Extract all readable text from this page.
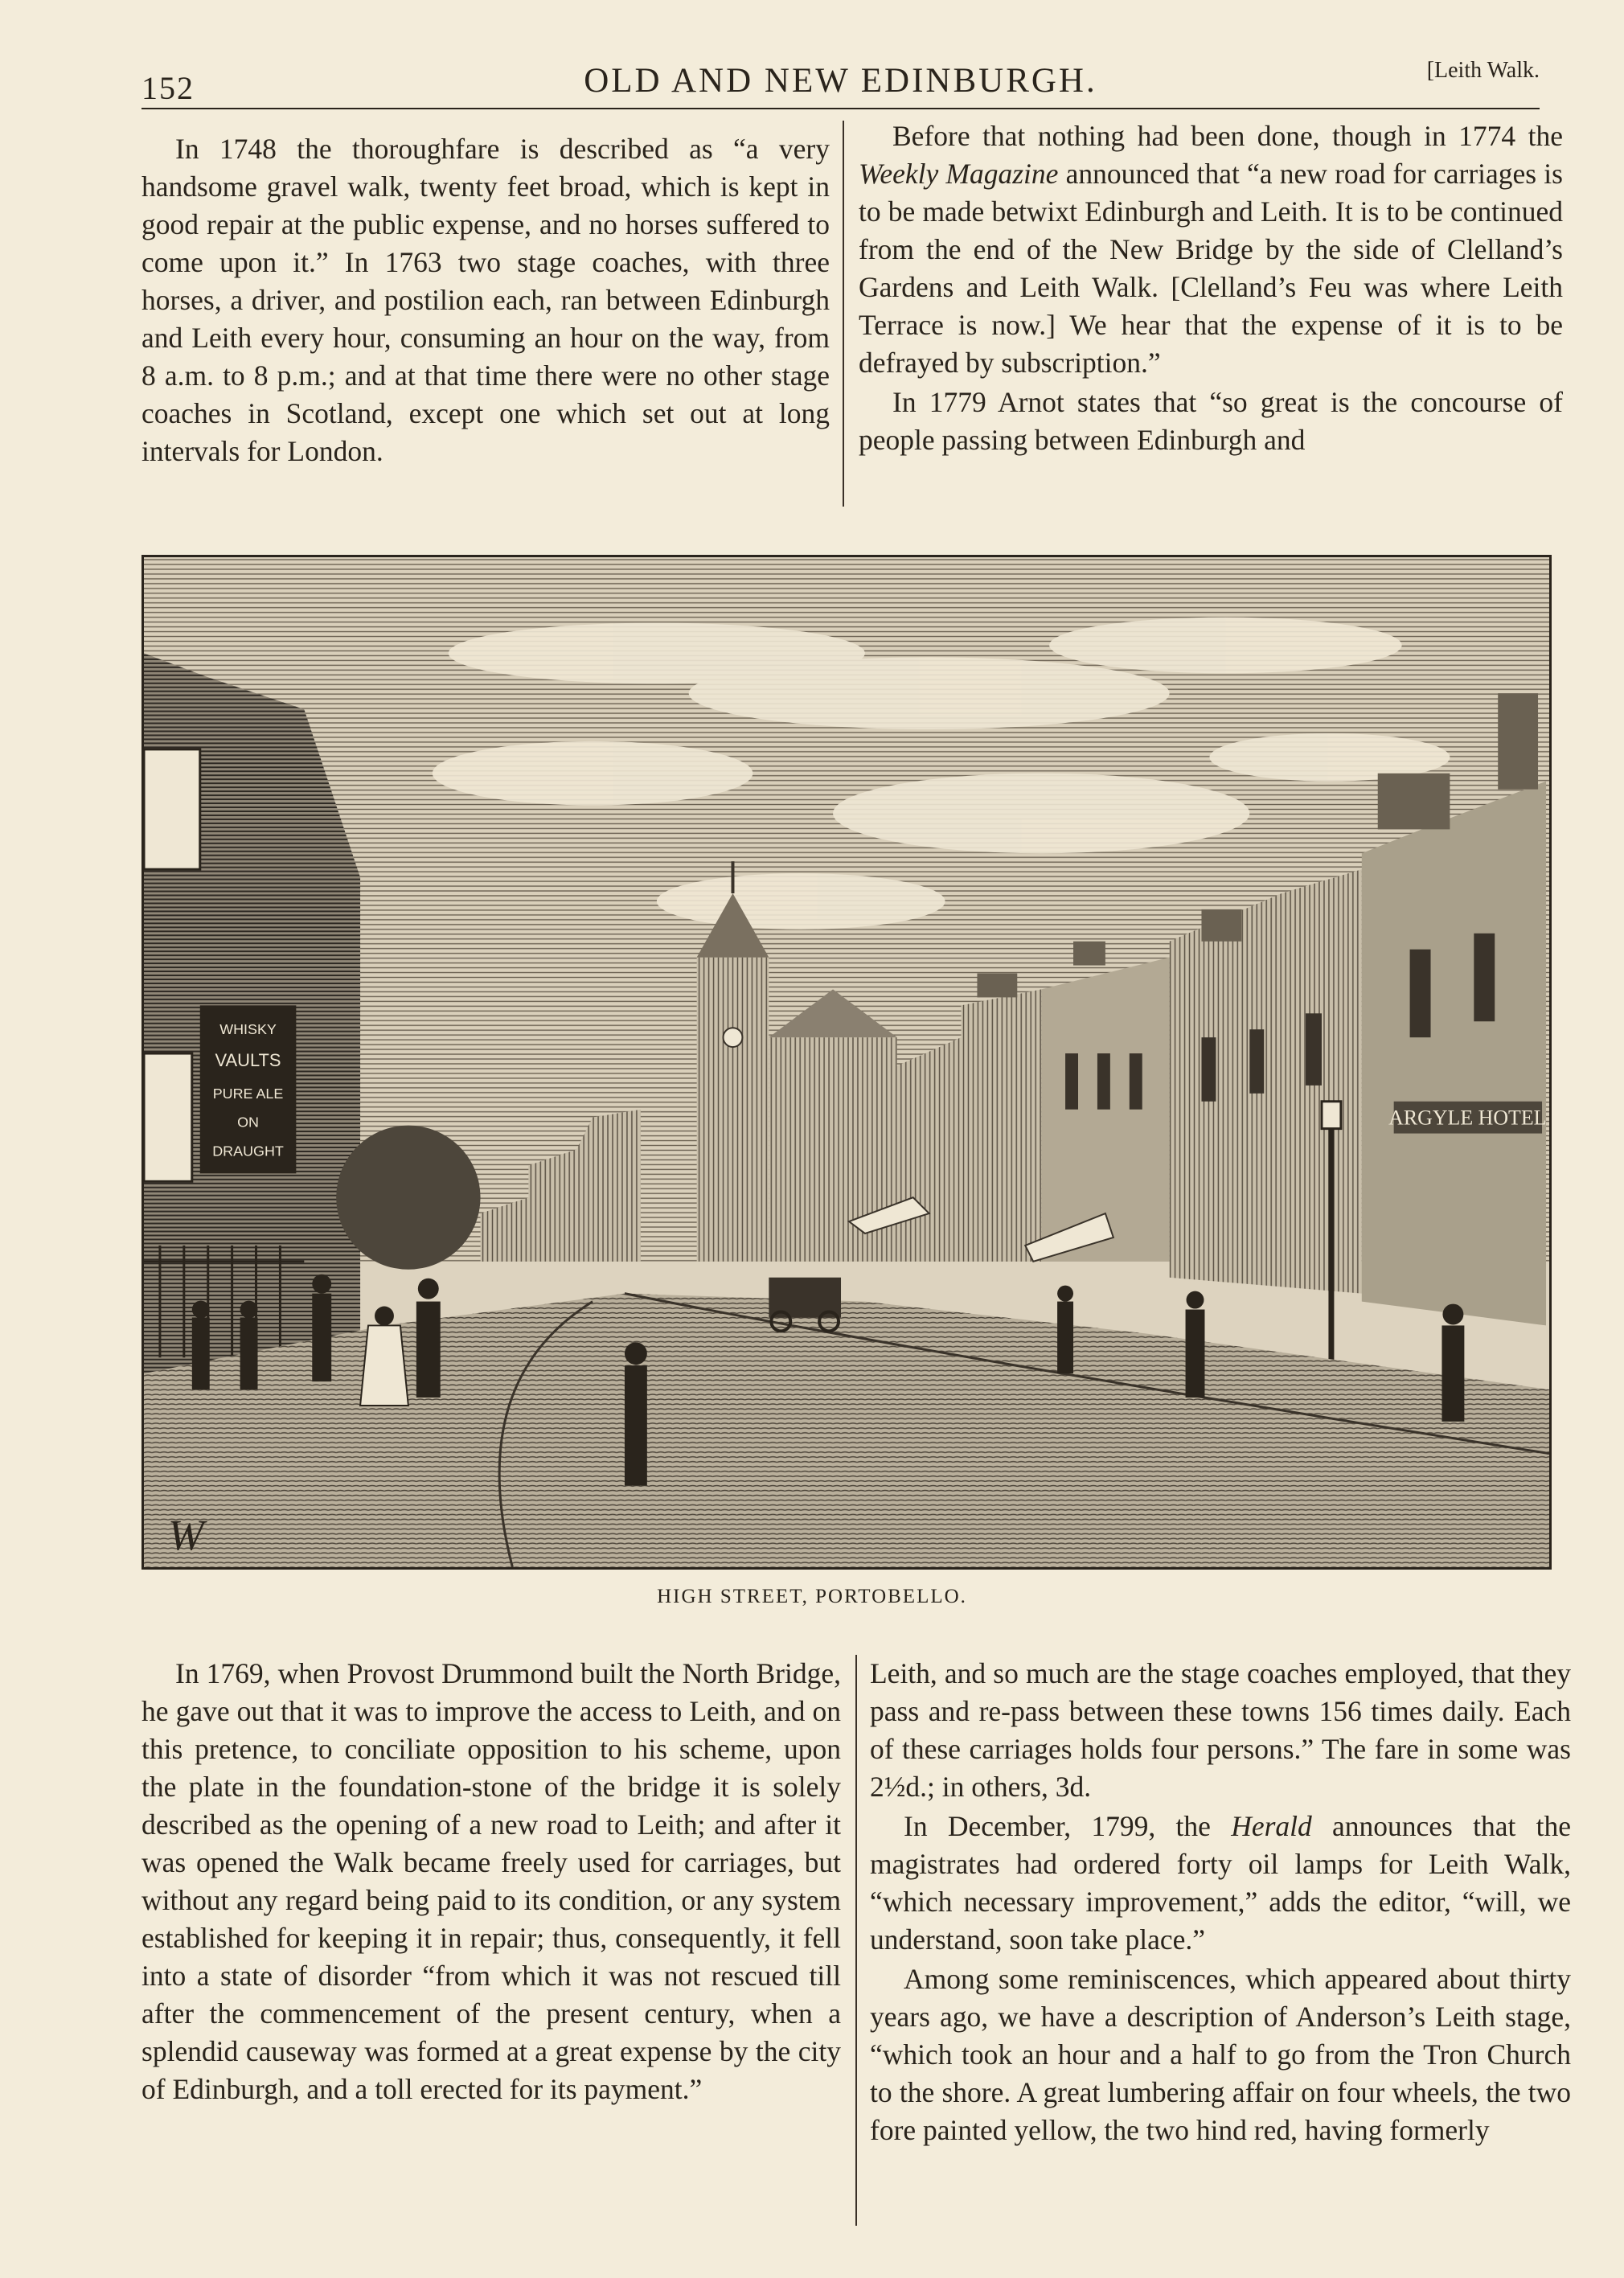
152	OLD AND NEW EDINBURGH.	[Leith Walk.

In 1748 the thoroughfare is described as “a very handsome gravel walk, twenty feet broad, which is kept in good repair at the public expense, and no horses suffered to come upon it.” In 1763 two stage coaches, with three horses, a driver, and postilion each, ran between Edinburgh and Leith every hour, consuming an hour on the way, from 8 a.m. to 8 p.m.; and at that time there were no other stage coaches in Scotland, except one which set out at long intervals for London.

Before that nothing had been done, though in 1774 the Weekly Magazine announced that “a new road for carriages is to be made betwixt Edinburgh and Leith. It is to be continued from the end of the New Bridge by the side of Clelland’s Gardens and Leith Walk. [Clelland’s Feu was where Leith Terrace is now.] We hear that the expense of it is to be defrayed by subscription.”

In 1779 Arnot states that “so great is the concourse of people passing between Edinburgh and

ARGYLE HOTEL
WHISKY
VAULTS
PURE ALE
ON
DRAUGHT
W
HIGH STREET, PORTOBELLO.

In 1769, when Provost Drummond built the North Bridge, he gave out that it was to improve the access to Leith, and on this pretence, to conciliate opposition to his scheme, upon the plate in the foundation-stone of the bridge it is solely described as the opening of a new road to Leith; and after it was opened the Walk became freely used for carriages, but without any regard being paid to its condition, or any system established for keeping it in repair; thus, consequently, it fell into a state of disorder “from which it was not rescued till after the commencement of the present century, when a splendid causeway was formed at a great expense by the city of Edinburgh, and a toll erected for its payment.”

Leith, and so much are the stage coaches employed, that they pass and re-pass between these towns 156 times daily. Each of these carriages holds four persons.” The fare in some was 2½d.; in others, 3d.

In December, 1799, the Herald announces that the magistrates had ordered forty oil lamps for Leith Walk, “which necessary improvement,” adds the editor, “will, we understand, soon take place.”

Among some reminiscences, which appeared about thirty years ago, we have a description of Anderson’s Leith stage, “which took an hour and a half to go from the Tron Church to the shore. A great lumbering affair on four wheels, the two fore painted yellow, the two hind red, having formerly
